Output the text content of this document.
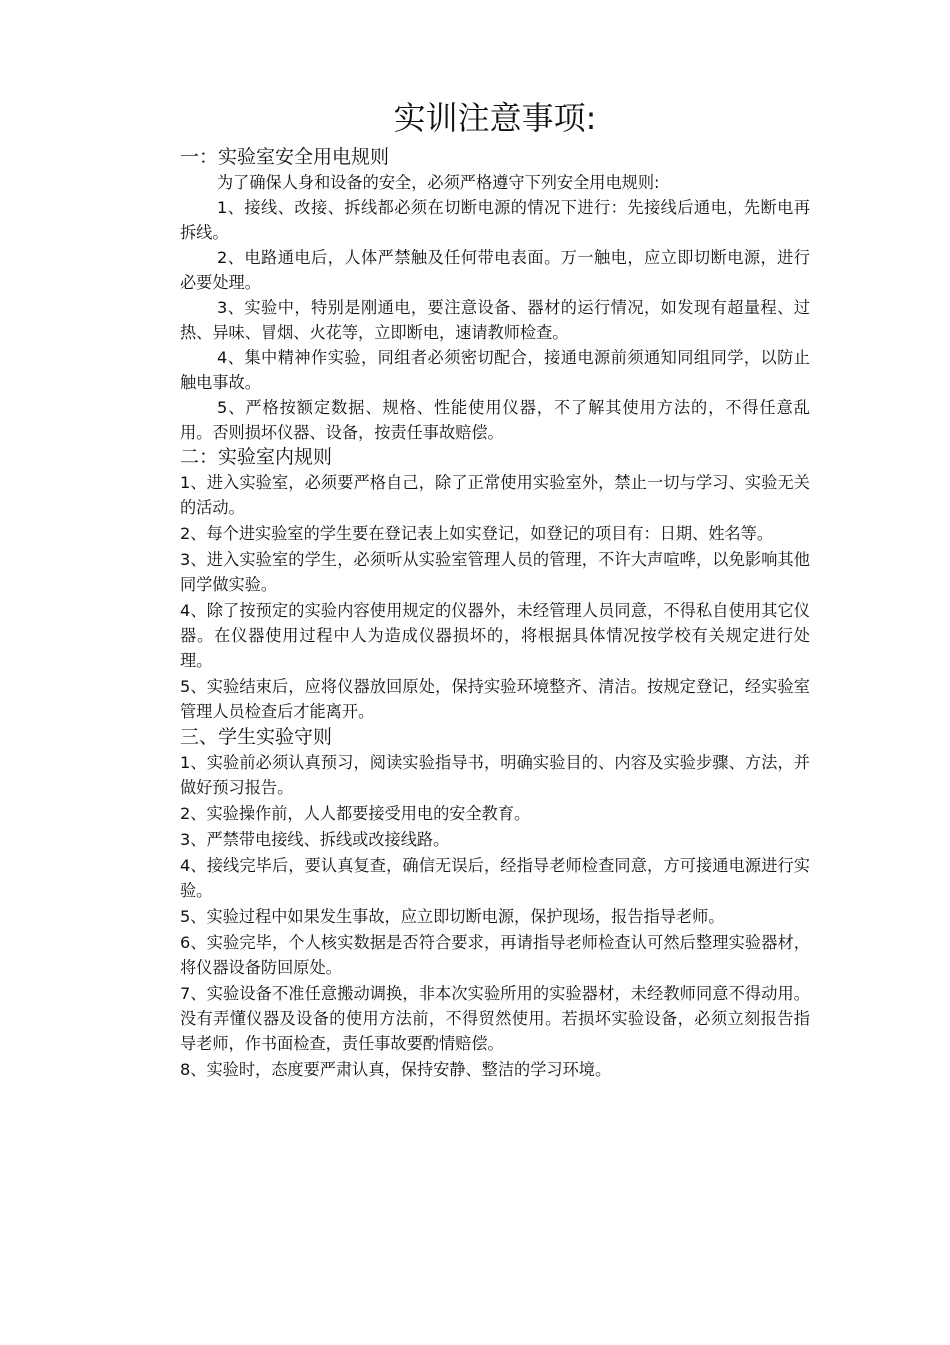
实训注意事项:

一：实验室安全用电规则

为了确保人身和设备的安全，必须严格遵守下列安全用电规则:

1、接线、改接、拆线都必须在切断电源的情况下进行：先接线后通电，先断电再拆线。

2、电路通电后，人体严禁触及任何带电表面。万一触电，应立即切断电源，进行必要处理。

3、实验中，特别是刚通电，要注意设备、器材的运行情况，如发现有超量程、过热、异味、冒烟、火花等，立即断电，速请教师检查。

4、集中精神作实验，同组者必须密切配合，接通电源前须通知同组同学，以防止触电事故。

5、严格按额定数据、规格、性能使用仪器，不了解其使用方法的，不得任意乱用。否则损坏仪器、设备，按责任事故赔偿。

二：实验室内规则

1、进入实验室，必须要严格自己，除了正常使用实验室外，禁止一切与学习、实验无关的活动。

2、每个进实验室的学生要在登记表上如实登记，如登记的项目有：日期、姓名等。

3、进入实验室的学生，必须听从实验室管理人员的管理，不许大声喧哗，以免影响其他同学做实验。

4、除了按预定的实验内容使用规定的仪器外，未经管理人员同意，不得私自使用其它仪器。在仪器使用过程中人为造成仪器损坏的，将根据具体情况按学校有关规定进行处理。

5、实验结束后，应将仪器放回原处，保持实验环境整齐、清洁。按规定登记，经实验室管理人员检查后才能离开。

三、学生实验守则

1、实验前必须认真预习，阅读实验指导书，明确实验目的、内容及实验步骤、方法，并做好预习报告。

2、实验操作前，人人都要接受用电的安全教育。

3、严禁带电接线、拆线或改接线路。

4、接线完毕后，要认真复查，确信无误后，经指导老师检查同意，方可接通电源进行实验。

5、实验过程中如果发生事故，应立即切断电源，保护现场，报告指导老师。

6、实验完毕，个人核实数据是否符合要求，再请指导老师检查认可然后整理实验器材，将仪器设备防回原处。

7、实验设备不准任意搬动调换，非本次实验所用的实验器材，未经教师同意不得动用。没有弄懂仪器及设备的使用方法前，不得贸然使用。若损坏实验设备，必须立刻报告指导老师，作书面检查，责任事故要酌情赔偿。

8、实验时，态度要严肃认真，保持安静、整洁的学习环境。
